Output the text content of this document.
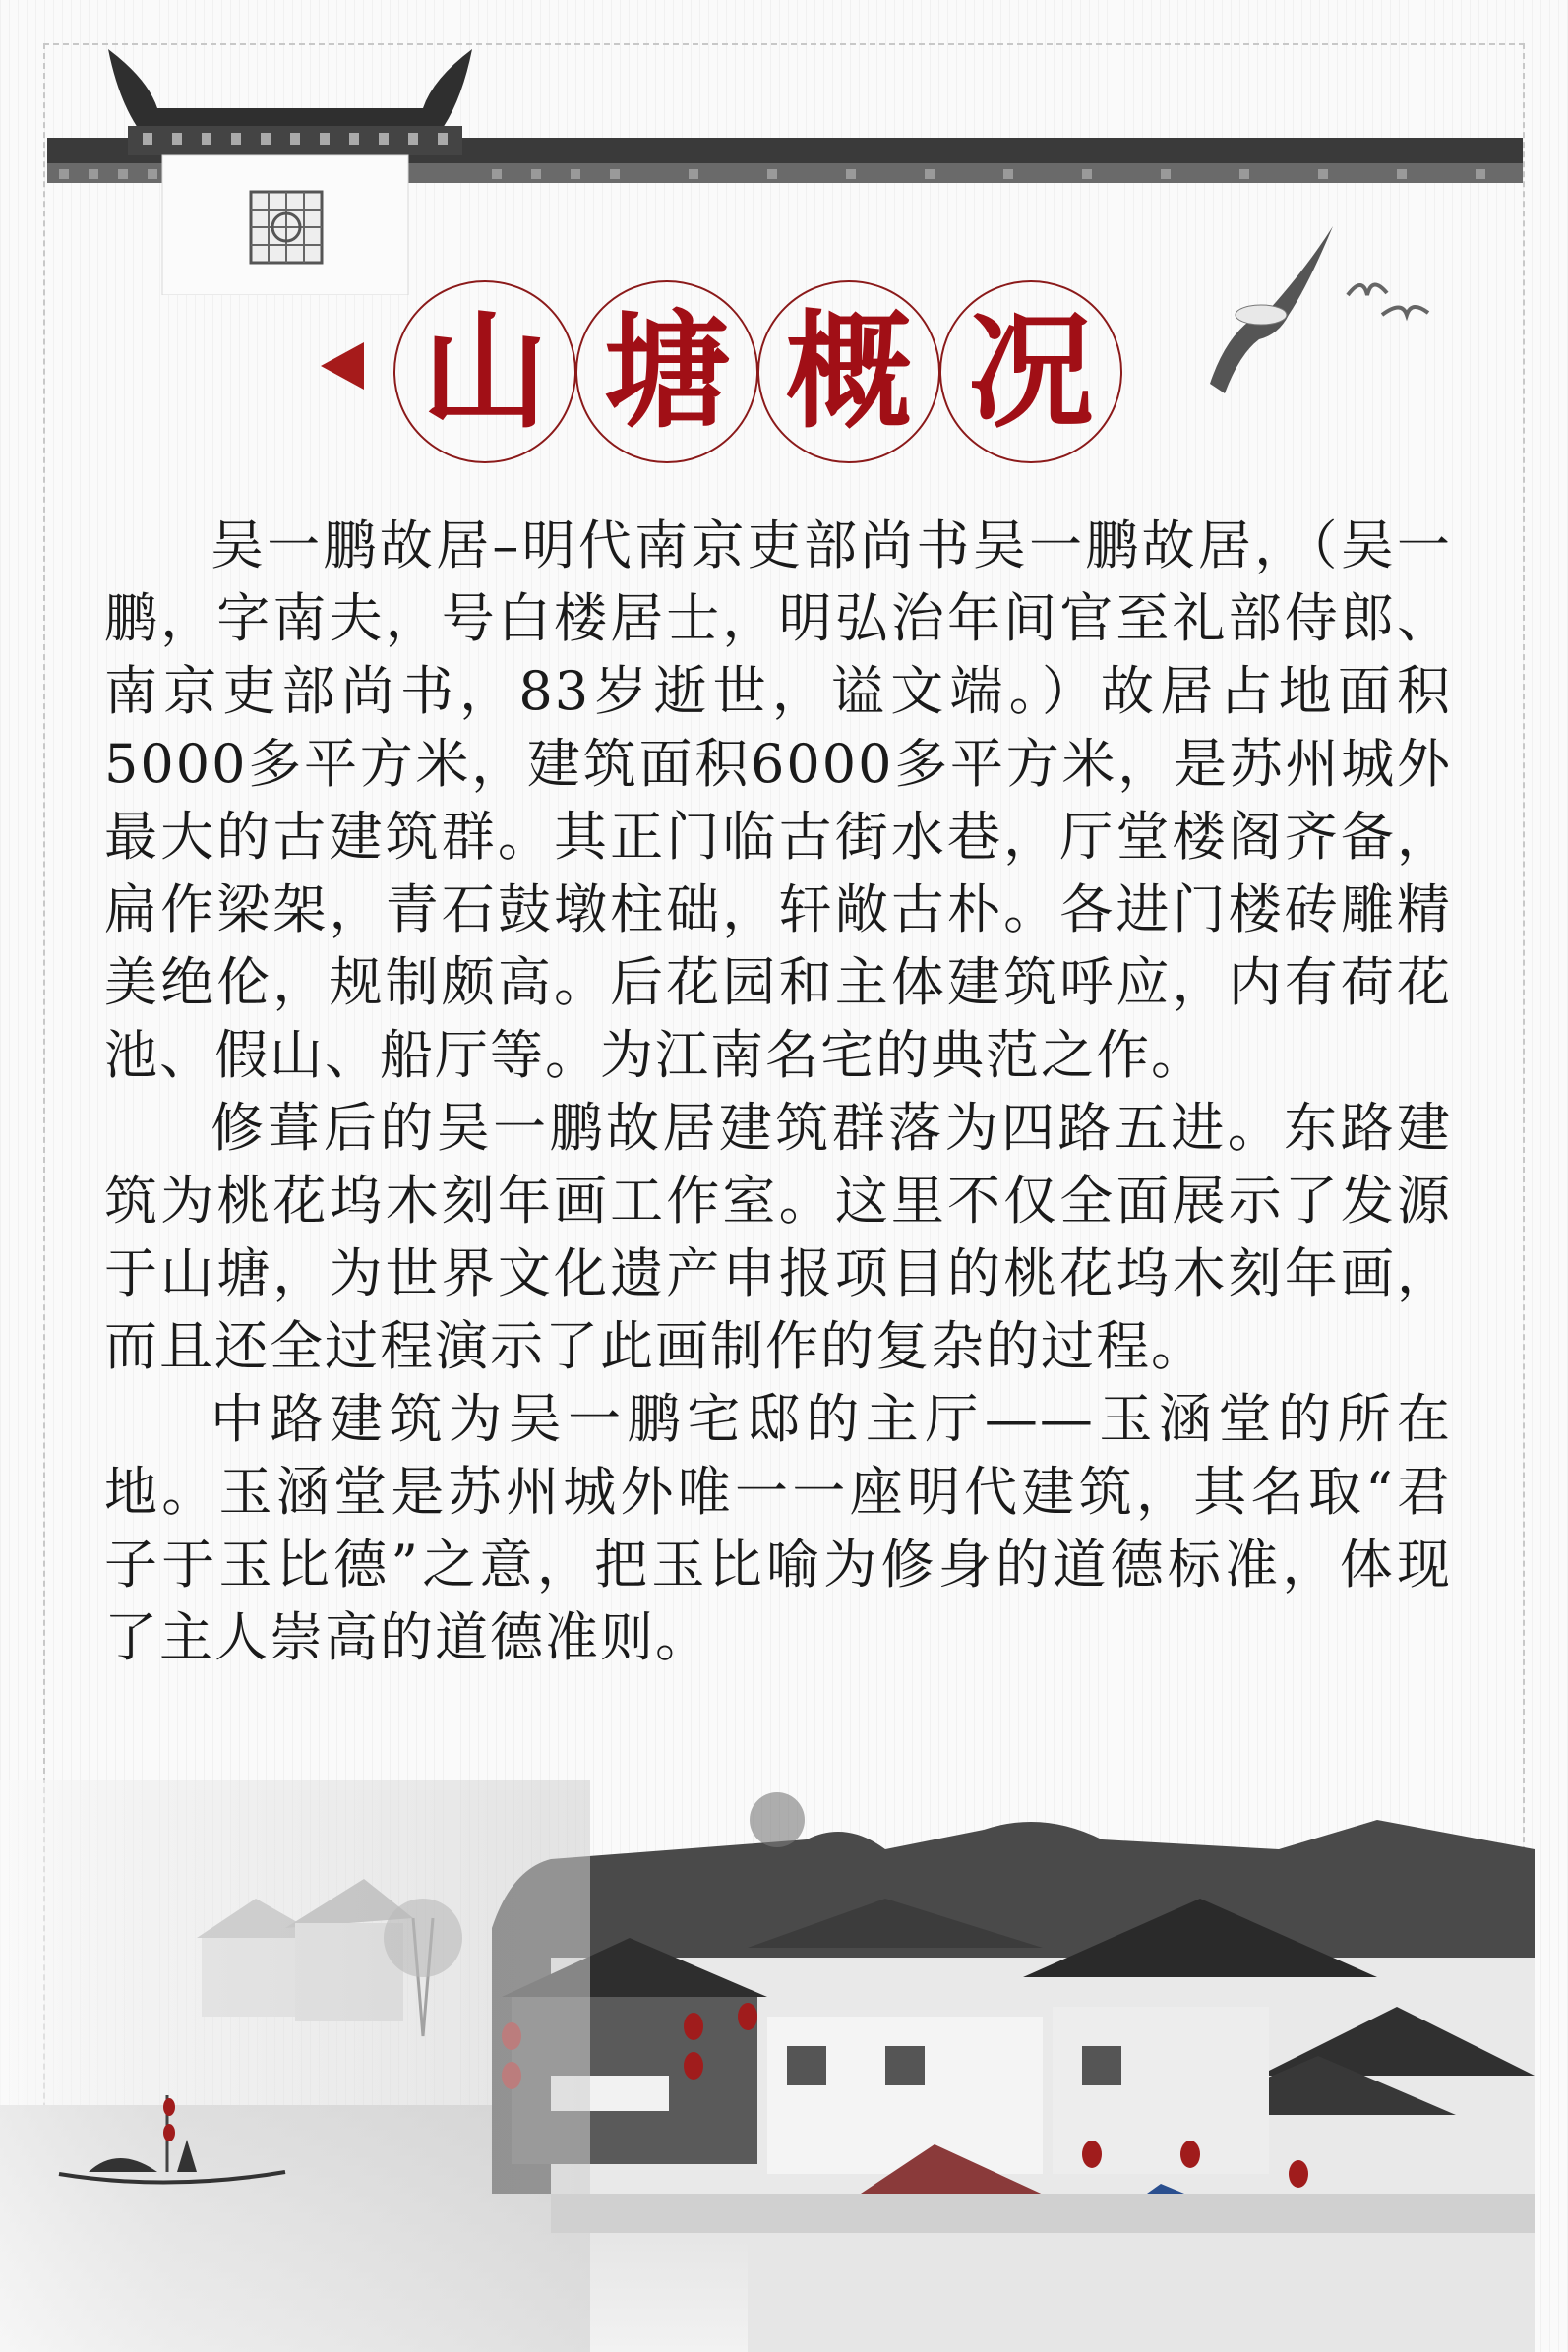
山 塘 概 况

吴一鹏故居–明代南京吏部尚书吴一鹏故居，（吴一鹏，字南夫，号白楼居士，明弘治年间官至礼部侍郎、南京吏部尚书，83岁逝世，谥文端。）故居占地面积5000多平方米，建筑面积6000多平方米，是苏州城外最大的古建筑群。其正门临古街水巷，厅堂楼阁齐备，扁作梁架，青石鼓墩柱础，轩敞古朴。各进门楼砖雕精美绝伦，规制颇高。后花园和主体建筑呼应，内有荷花池、假山、船厅等。为江南名宅的典范之作。

修葺后的吴一鹏故居建筑群落为四路五进。东路建筑为桃花坞木刻年画工作室。这里不仅全面展示了发源于山塘，为世界文化遗产申报项目的桃花坞木刻年画，而且还全过程演示了此画制作的复杂的过程。

中路建筑为吴一鹏宅邸的主厅——玉涵堂的所在地。玉涵堂是苏州城外唯一一座明代建筑，其名取“君子于玉比德”之意，把玉比喻为修身的道德标准，体现了主人崇高的道德准则。
